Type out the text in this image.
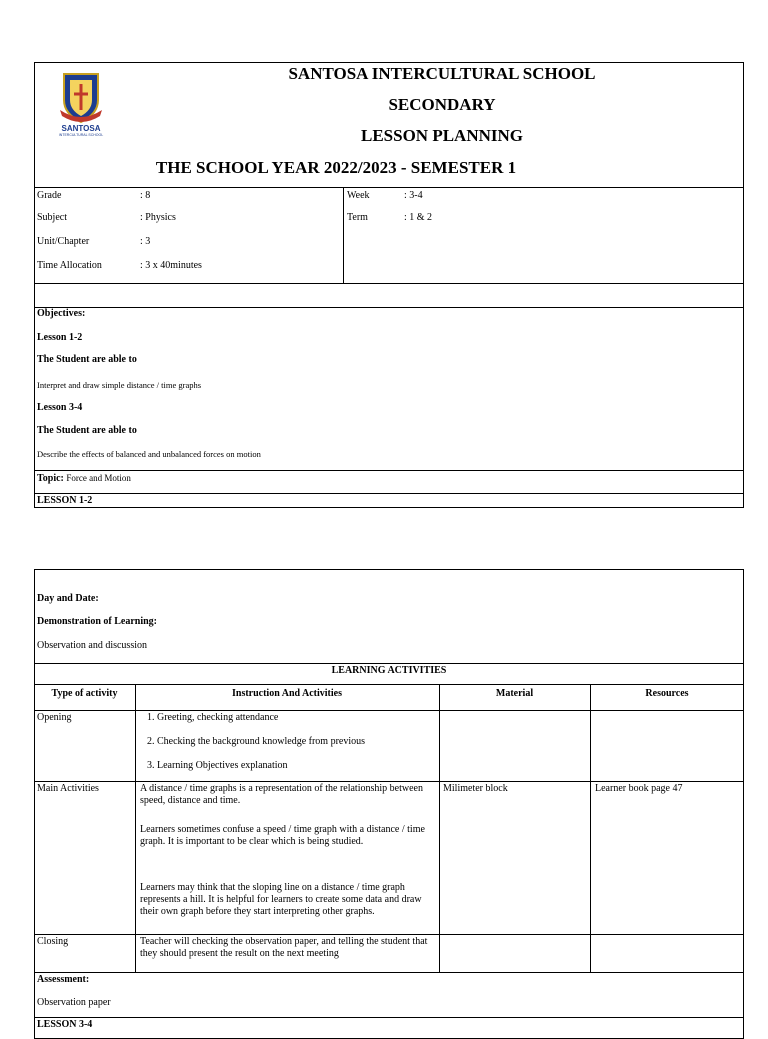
SANTOSA
INTERCULTURAL SCHOOL
SANTOSA INTERCULTURAL SCHOOL
SECONDARY
LESSON PLANNING
THE SCHOOL YEAR 2022/2023 - SEMESTER 1
Grade	: 8
Subject	: Physics
Unit/Chapter	: 3
Time Allocation	: 3 x 40minutes
Week	: 3-4
Term	: 1 & 2
Objectives:
Lesson 1-2
The Student are able to
Interpret and draw simple distance / time graphs
Lesson 3-4
The Student are able to
Describe the effects of balanced and unbalanced forces on motion
Topic: Force and Motion
LESSON 1-2
Day and Date:
Demonstration of Learning:
Observation and discussion
LEARNING ACTIVITIES
Type of activity	Instruction And Activities	Material	Resources
Opening	1. Greeting, checking attendance
2. Checking the background knowledge from previous
3. Learning Objectives explanation
Main Activities	A distance / time graphs is a representation of the relationship between speed, distance and time.
Learners sometimes confuse a speed / time graph with a distance / time graph. It is important to be clear which is being studied.
Learners may think that the sloping line on a distance / time graph represents a hill. It is helpful for learners to create some data and draw their own graph before they start interpreting other graphs.
Milimeter block	Learner book page 47
Closing	Teacher will checking the observation paper, and telling the student that they should present the result on the next meeting
Assessment:
Observation paper
LESSON 3-4
